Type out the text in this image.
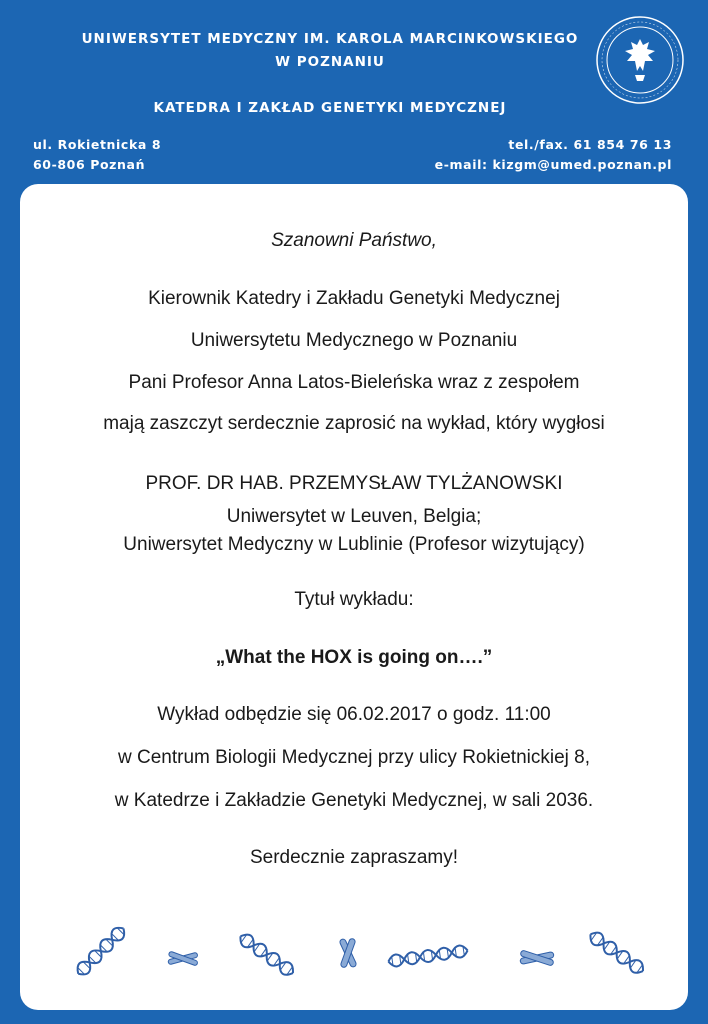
UNIWERSYTET MEDYCZNY IM. KAROLA MARCINKOWSKIEGO
W POZNANIU
KATEDRA I ZAKŁAD GENETYKI MEDYCZNEJ
ul. Rokietnicka 8
60-806 Poznań
tel./fax. 61 854 76 13
e-mail: kizgm@umed.poznan.pl
Szanowni Państwo,
Kierownik Katedry i Zakładu Genetyki Medycznej
Uniwersytetu Medycznego w Poznaniu
Pani Profesor Anna Latos-Bieleńska wraz z zespołem
mają zaszczyt serdecznie zaprosić na wykład, który wygłosi
PROF. DR HAB. PRZEMYSŁAW TYLŻANOWSKI
Uniwersytet w Leuven, Belgia;
Uniwersytet Medyczny w Lublinie (Profesor wizytujący)
Tytuł wykładu:
„What the HOX is going on….”
Wykład odbędzie się 06.02.2017 o godz. 11:00
w Centrum Biologii Medycznej przy ulicy Rokietnickiej 8,
w Katedrze i Zakładzie Genetyki Medycznej, w sali 2036.
Serdecznie zapraszamy!
